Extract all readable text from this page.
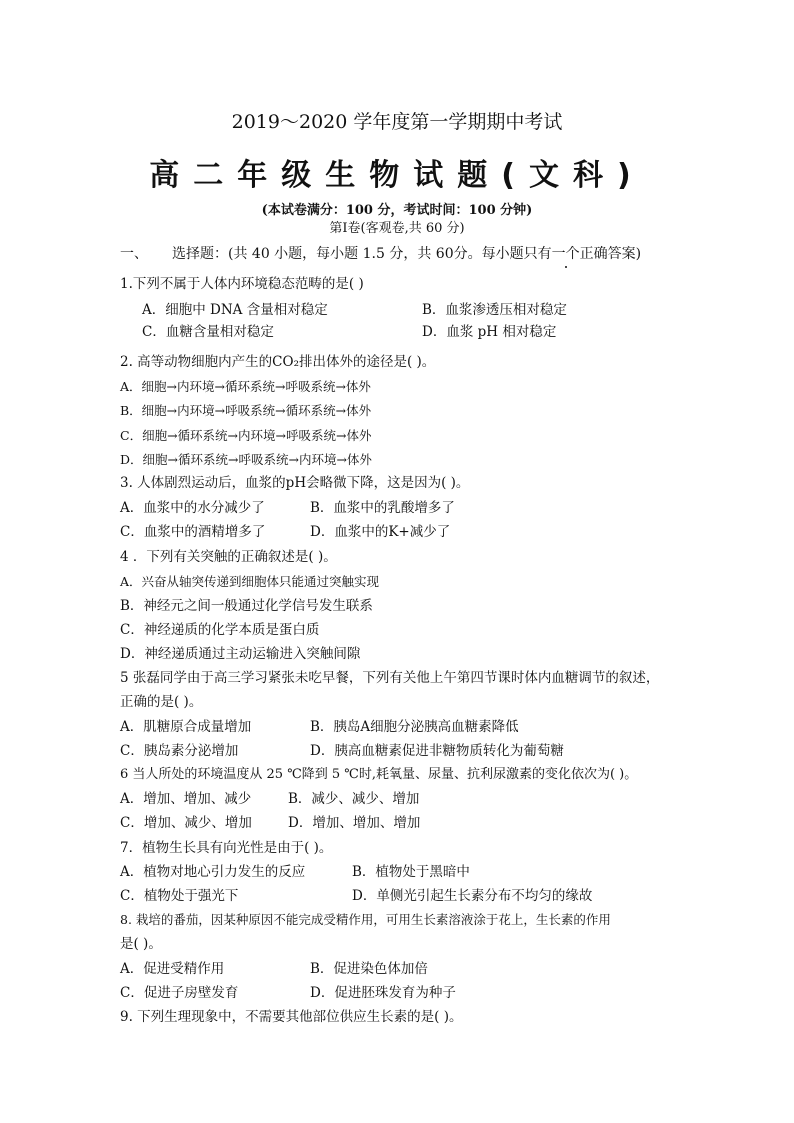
2019～2020 学年度第一学期期中考试
高二年级生物试题(文科)
(本试卷满分：100 分，考试时间：100 分钟)
第Ⅰ卷(客观卷,共 60 分)
一、 选择题：(共 40 小题，每小题 1.5 分，共 60分。每小题只有一个正确答案)
1.下列不属于人体内环境稳态范畴的是( )
A．细胞中 DNA 含量相对稳定	B．血浆渗透压相对稳定
C．血糖含量相对稳定	D．血浆 pH 相对稳定
2. 高等动物细胞内产生的CO₂排出体外的途径是( )。
A．细胞→内环境→循环系统→呼吸系统→体外
B．细胞→内环境→呼吸系统→循环系统→体外
C．细胞→循环系统→内环境→呼吸系统→体外
D．细胞→循环系统→呼吸系统→内环境→体外
3. 人体剧烈运动后，血浆的pH会略微下降，这是因为( )。
A．血浆中的水分减少了	B．血浆中的乳酸增多了
C．血浆中的酒精增多了	D．血浆中的K+减少了
4 ．下列有关突触的正确叙述是( )。
A．兴奋从轴突传递到细胞体只能通过突触实现
B．神经元之间一般通过化学信号发生联系
C．神经递质的化学本质是蛋白质
D．神经递质通过主动运输进入突触间隙
5 张磊同学由于高三学习紧张未吃早餐，下列有关他上午第四节课时体内血糖调节的叙述，
正确的是( )。
A．肌糖原合成量增加	B．胰岛A细胞分泌胰高血糖素降低
C．胰岛素分泌增加	D．胰高血糖素促进非糖物质转化为葡萄糖
6 当人所处的环境温度从 25 ℃降到 5 ℃时,耗氧量、尿量、抗利尿激素的变化依次为( )。
A．增加、增加、减少	B．减少、减少、增加
C．增加、减少、增加	D．增加、增加、增加
7．植物生长具有向光性是由于( )。
A．植物对地心引力发生的反应	B．植物处于黑暗中
C．植物处于强光下	D．单侧光引起生长素分布不均匀的缘故
8. 栽培的番茄，因某种原因不能完成受精作用，可用生长素溶液涂于花上，生长素的作用
是( )。
A．促进受精作用	B．促进染色体加倍
C．促进子房壁发育	D．促进胚珠发育为种子
9. 下列生理现象中，不需要其他部位供应生长素的是( )。
